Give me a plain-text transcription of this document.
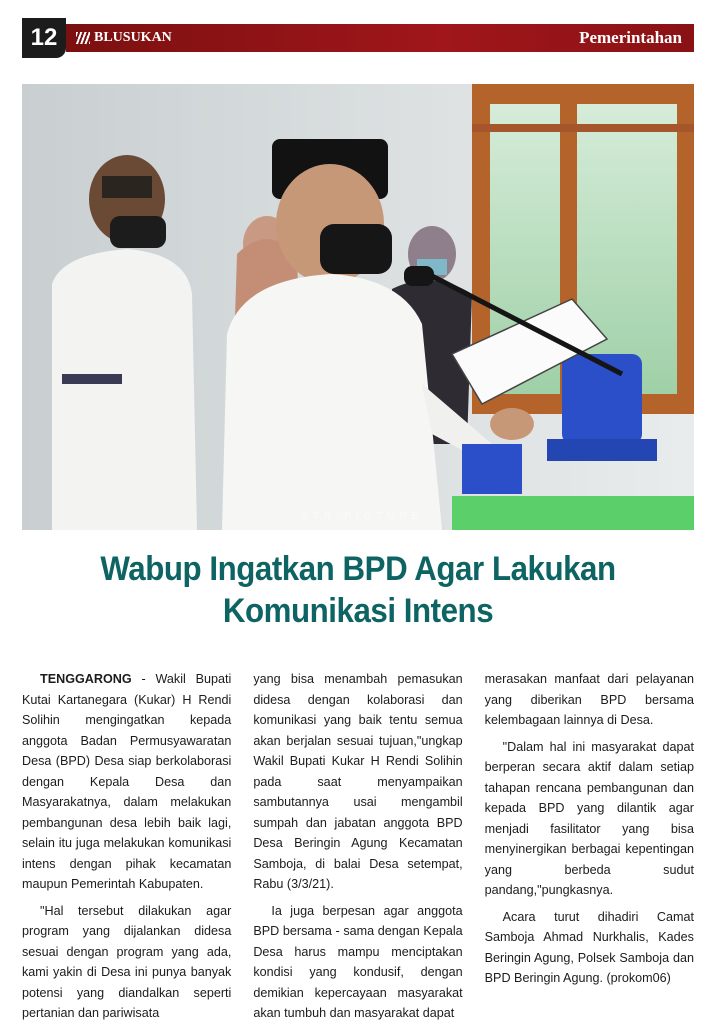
12	BLUSUKAN	Pemerintahan
ZTR.PICTURE
Wabup Ingatkan BPD Agar Lakukan
Komunikasi Intens

TENGGARONG - Wakil Bupati Kutai Kartanegara (Kukar) H Rendi Solihin mengingatkan kepada anggota Badan Permusyawaratan Desa (BPD) Desa siap berkolaborasi dengan Kepala Desa dan Masyarakatnya, dalam melakukan pembangunan desa lebih baik lagi, selain itu juga melakukan komunikasi intens dengan pihak kecamatan maupun Pemerintah Kabupaten.

"Hal tersebut dilakukan agar program yang dijalankan didesa sesuai dengan program yang ada, kami yakin di Desa ini punya banyak potensi yang diandalkan seperti pertanian dan pariwisata

yang bisa menambah pemasukan didesa dengan kolaborasi dan komunikasi yang baik tentu semua akan berjalan sesuai tujuan,"ungkap Wakil Bupati Kukar H Rendi Solihin pada saat menyampaikan sambutannya usai mengambil sumpah dan jabatan anggota BPD Desa Beringin Agung Kecamatan Samboja, di balai Desa setempat, Rabu (3/3/21).

Ia juga berpesan agar anggota BPD bersama - sama dengan Kepala Desa harus mampu menciptakan kondisi yang kondusif, dengan demikian kepercayaan masyarakat akan tumbuh dan masyarakat dapat

merasakan manfaat dari pelayanan yang diberikan BPD bersama kelembagaan lainnya di Desa.

"Dalam hal ini masyarakat dapat berperan secara aktif dalam setiap tahapan rencana pembangunan dan kepada BPD yang dilantik agar menjadi fasilitator yang bisa menyinergikan berbagai kepentingan yang berbeda sudut pandang,"pungkasnya.

Acara turut dihadiri Camat Samboja Ahmad Nurkhalis, Kades Beringin Agung, Polsek Samboja dan BPD Beringin Agung. (prokom06)
